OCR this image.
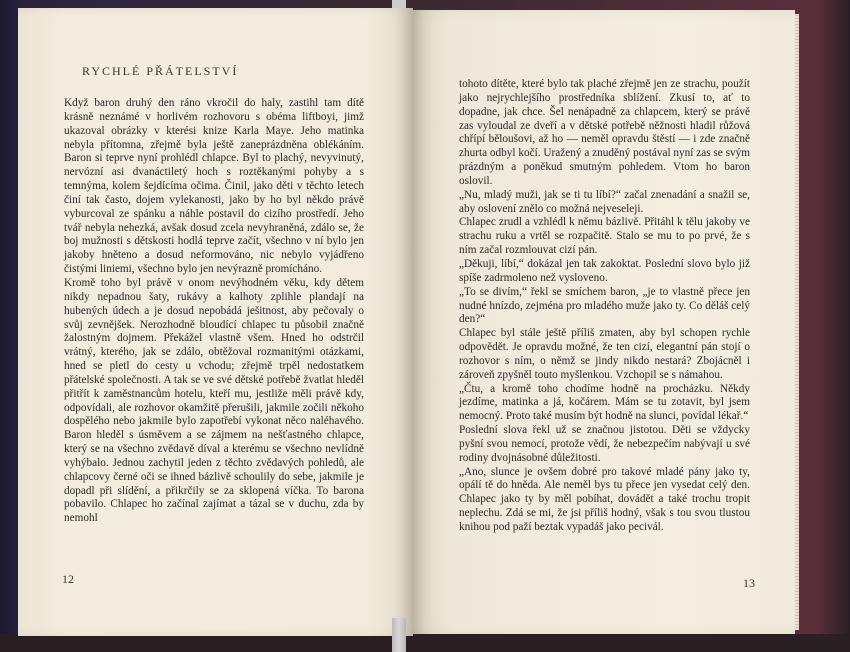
RYCHLÉ PŘÁTELSTVÍ

Když baron druhý den ráno vkročil do haly, zastihl tam dítě krásně neznámé v horlivém rozhovoru s obéma liftboyi, jimž ukazoval obrázky v kterési knize Karla Maye. Jeho matinka nebyla přítomna, zřejmě byla ještě zaneprázdněna oblékáním. Baron si teprve nyní prohlédl chlapce. Byl to plachý, nevyvinutý, nervózní asi dvanáctiletý hoch s roztěkanými pohyby a s temnýma, kolem šejdícíma očima. Činil, jako děti v těchto letech činí tak často, dojem vylekanosti, jako by ho byl někdo právě vyburcoval ze spánku a náhle postavil do cizího prostředí. Jeho tvář nebyla nehezká, avšak dosud zcela nevyhraněná, zdálo se, že boj mužnosti s dětskosti hodlá teprve začít, všechno v ní bylo jen jakoby hněteno a dosud neformováno, nic nebylo vyjádřeno čistými liniemi, všechno bylo jen nevýrazně promícháno.

Kromě toho byl právě v onom nevýhodném věku, kdy dětem nikdy nepadnou šaty, rukávy a kalhoty zplihle plandají na hubených údech a je dosud nepobádá ješitnost, aby pečovaly o svůj zevnějšek. Nerozhodně bloudící chlapec tu působil značně žalostným dojmem. Překážel vlastně všem. Hned ho odstrčil vrátný, kterého, jak se zdálo, obtěžoval rozmanitými otázkami, hned se pletl do cesty u vchodu; zřejmě trpěl nedostatkem přátelské společnosti. A tak se ve své dětské potřebě žvatlat hleděl přitřít k zaměstnancům hotelu, kteří mu, jestliže měli právě kdy, odpovídali, ale rozhovor okamžitě přerušili, jakmile zočili někoho dospělého nebo jakmile bylo zapotřebí vykonat něco naléhavého. Baron hleděl s úsměvem a se zájmem na nešťastného chlapce, který se na všechno zvědavě díval a kterému se všechno nevlídně vyhýbalo. Jednou zachytil jeden z těchto zvědavých pohledů, ale chlapcovy černé oči se ihned bázlivě schoulily do sebe, jakmile je dopadl při slídění, a přikrčily se za sklopená víčka. To barona pobavilo. Chlapec ho začínal zajímat a tázal se v duchu, zda by nemohl

tohoto dítěte, které bylo tak plaché zřejmě jen ze strachu, použít jako nejrychlejšího prostředníka sblížení. Zkusí to, ať to dopadne, jak chce. Šel nenápadně za chlapcem, který se právě zas vyloudal ze dveří a v dětské potřebě něžnosti hladil růžová chřípí běloušovi, až ho — neměl opravdu štěstí — i zde značně zhurta odbyl kočí. Uražený a znuděný postával nyní zas se svým prázdným a poněkud smutným pohledem. Vtom ho baron oslovil.

„Nu, mladý muži, jak se ti tu líbí?“ začal znenadání a snažil se, aby oslovení znělo co možná nejveseleji.

Chlapec zrudl a vzhlédl k němu bázlivě. Přitáhl k tělu jakoby ve strachu ruku a vrtěl se rozpačitě. Stalo se mu to po prvé, že s ním začal rozmlouvat cizí pán.

„Děkuji, líbí,“ dokázal jen tak zakoktat. Poslední slovo bylo již spíše zadrmoleno než vysloveno.

„To se divím,“ řekl se smíchem baron, „je to vlastně přece jen nudné hnízdo, zejména pro mladého muže jako ty. Co děláš celý den?“

Chlapec byl stále ještě příliš zmaten, aby byl schopen rychle odpovědět. Je opravdu možné, že ten cizí, elegantní pán stojí o rozhovor s ním, o němž se jindy nikdo nestará? Zbojácněl i zároveň zpyšněl touto myšlenkou. Vzchopil se s námahou.

„Čtu, a kromě toho chodíme hodně na procházku. Někdy jezdíme, matinka a já, kočárem. Mám se tu zotavit, byl jsem nemocný. Proto také musím být hodně na slunci, povídal lékař.“

Poslední slova řekl už se značnou jistotou. Děti se vždycky pyšní svou nemocí, protože vědí, že nebezpečím nabývají u své rodiny dvojnásobné důležitosti.

„Ano, slunce je ovšem dobré pro takové mladé pány jako ty, opálí tě do hněda. Ale neměl bys tu přece jen vysedat celý den. Chlapec jako ty by měl pobíhat, dovádět a také trochu tropit neplechu. Zdá se mi, že jsi příliš hodný, však s tou svou tlustou knihou pod paží beztak vypadáš jako pecivál.

12	13
